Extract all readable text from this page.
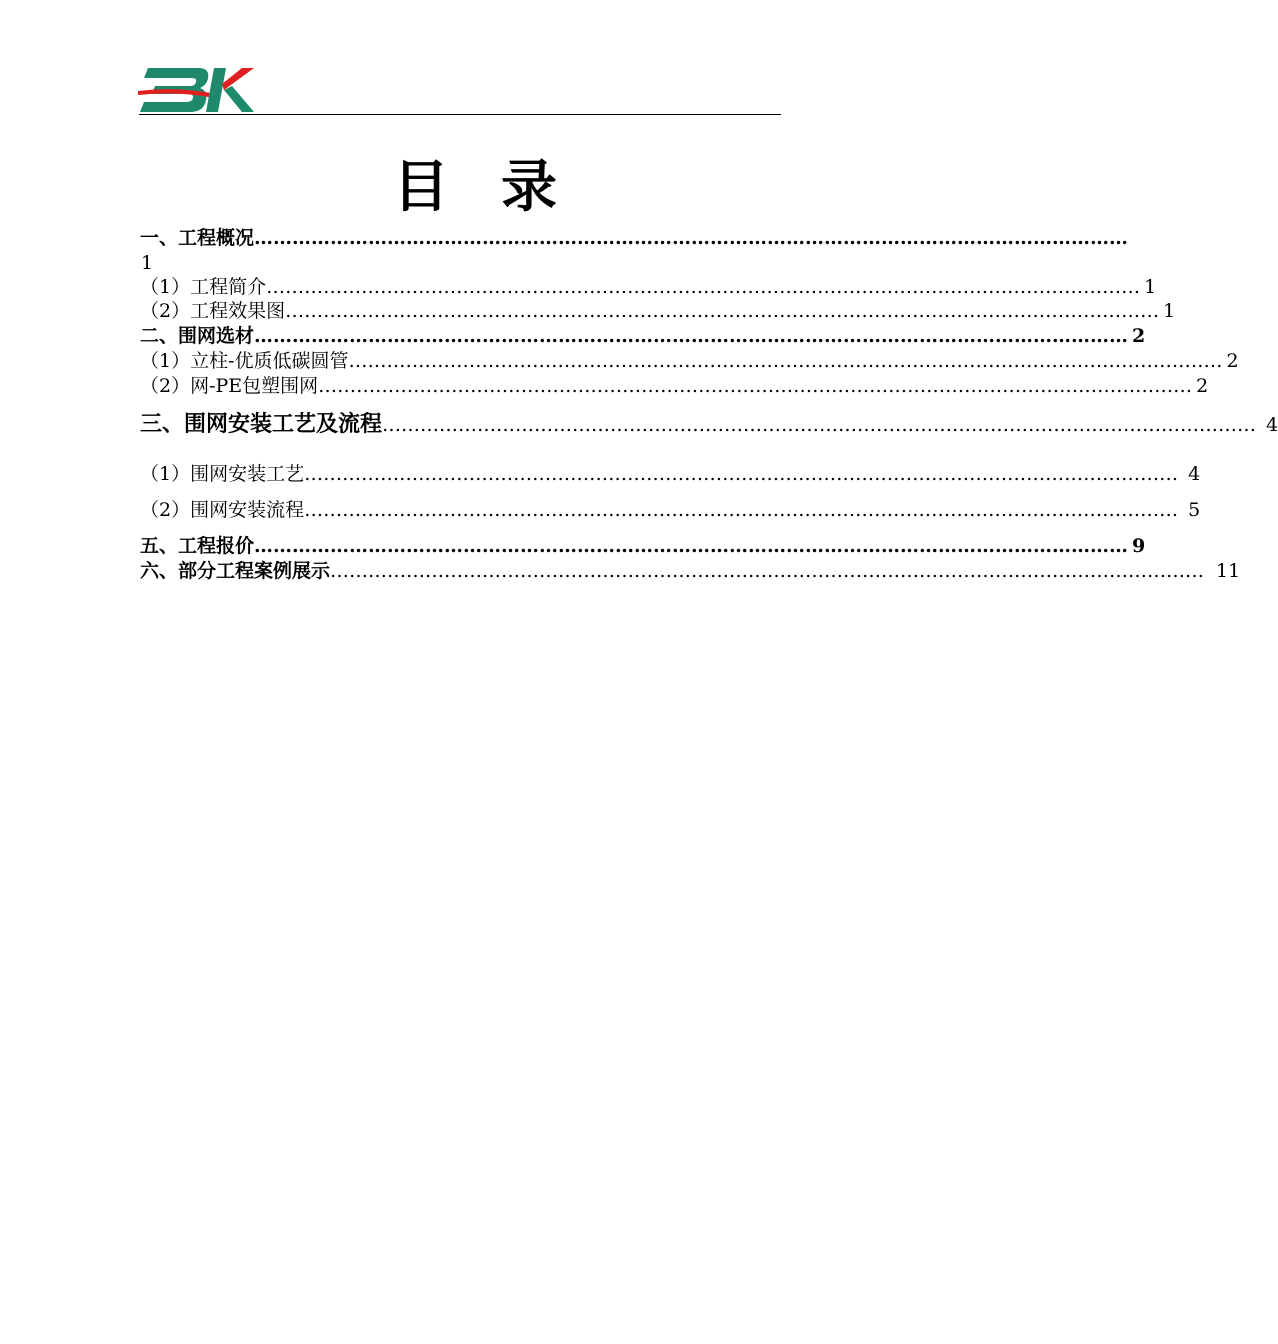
目录
一、工程概况 …………………………………………………………………………………………………………………………
1
（1）工程简介 ………………………………………………………………………………………………………………………… 1
（2）工程效果图 ………………………………………………………………………………………………………………………… 1
二、围网选材 ………………………………………………………………………………………………………………………… 2
（1）立柱-优质低碳圆管 ………………………………………………………………………………………………………………………… 2
（2）网-PE包塑围网 ………………………………………………………………………………………………………………………… 2
三、围网安装工艺及流程 ………………………………………………………………………………………………………………………… 4
（1）围网安装工艺 ………………………………………………………………………………………………………………………… 4
（2）围网安装流程 ………………………………………………………………………………………………………………………… 5
五、工程报价 ………………………………………………………………………………………………………………………… 9
六、部分工程案例展示 ………………………………………………………………………………………………………………………… 11
